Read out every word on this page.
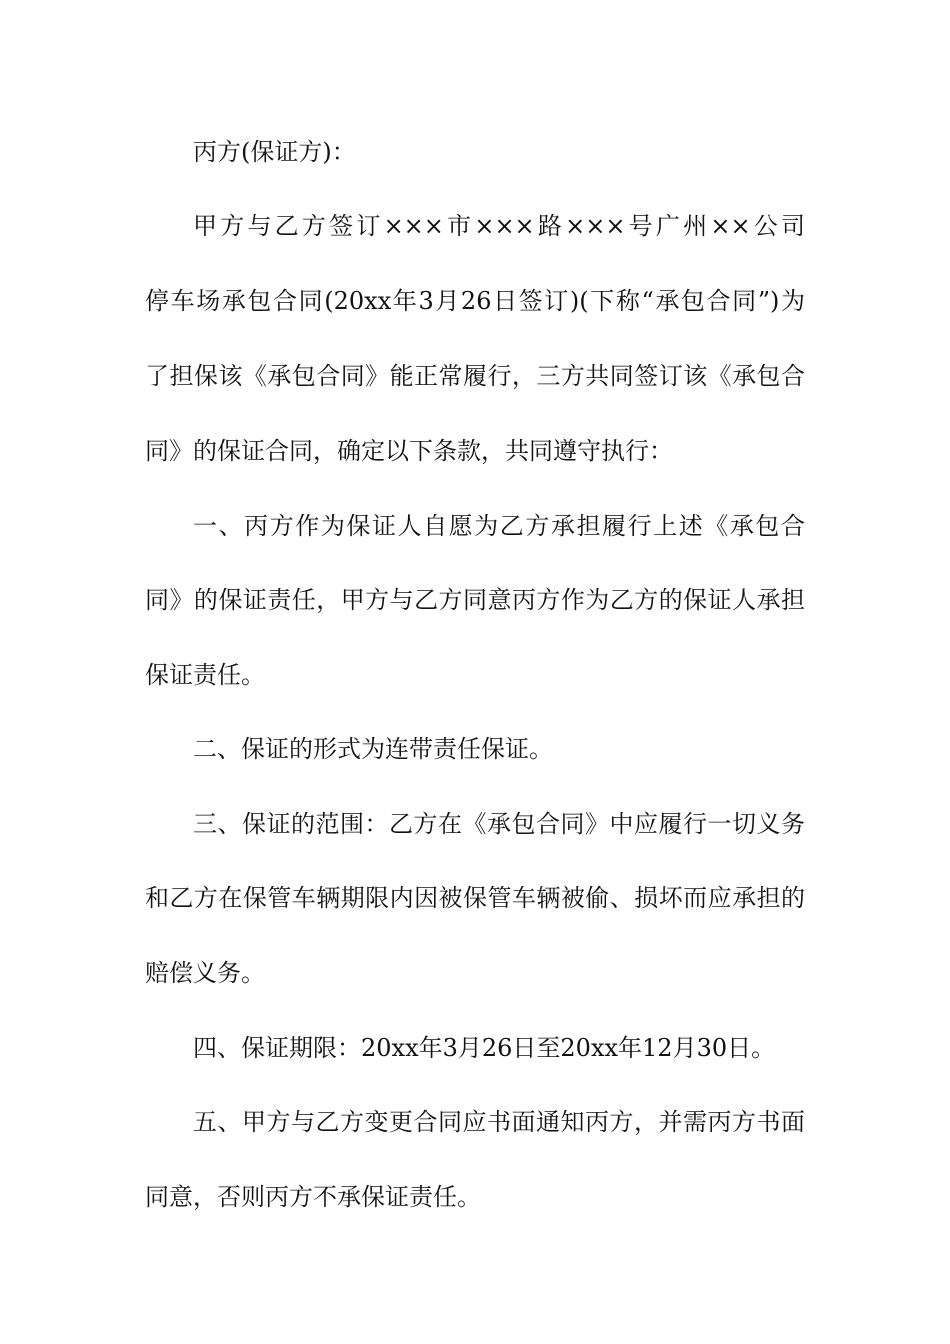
丙方(保证方)：
甲方与乙方签订×××市×××路×××号广州××公司
停车场承包合同(20xx年3月26日签订)(下称“承包合同”)为
了担保该《承包合同》能正常履行，三方共同签订该《承包合
同》的保证合同，确定以下条款，共同遵守执行：
一、丙方作为保证人自愿为乙方承担履行上述《承包合
同》的保证责任，甲方与乙方同意丙方作为乙方的保证人承担
保证责任。
二、保证的形式为连带责任保证。
三、保证的范围：乙方在《承包合同》中应履行一切义务
和乙方在保管车辆期限内因被保管车辆被偷、损坏而应承担的
赔偿义务。
四、保证期限：20xx年3月26日至20xx年12月30日。
五、甲方与乙方变更合同应书面通知丙方，并需丙方书面
同意，否则丙方不承保证责任。
